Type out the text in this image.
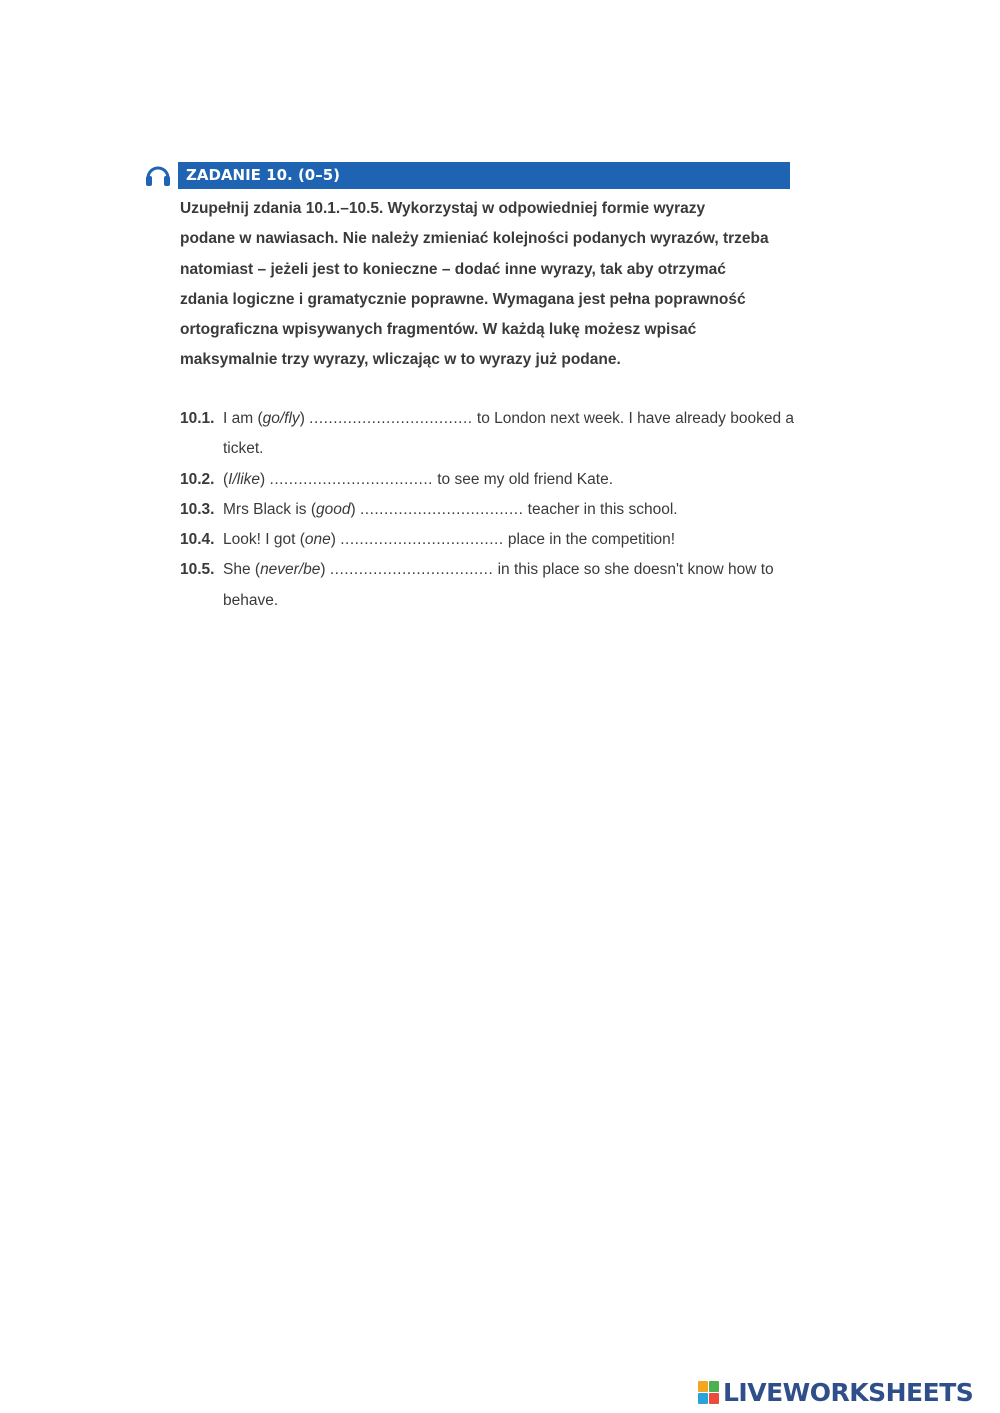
ZADANIE 10. (0–5)

Uzupełnij zdania 10.1.–10.5. Wykorzystaj w odpowiedniej formie wyrazy

podane w nawiasach. Nie należy zmieniać kolejności podanych wyrazów, trzeba

natomiast – jeżeli jest to konieczne – dodać inne wyrazy, tak aby otrzymać

zdania logiczne i gramatycznie poprawne. Wymagana jest pełna poprawność

ortograficzna wpisywanych fragmentów. W każdą lukę możesz wpisać

maksymalnie trzy wyrazy, wliczając w to wyrazy już podane.

10.1. I am (go/fly) .................................. to London next week. I have already booked a ticket.
10.2. (I/like) .................................. to see my old friend Kate.
10.3. Mrs Black is (good) .................................. teacher in this school.
10.4. Look! I got (one) .................................. place in the competition!
10.5. She (never/be) .................................. in this place so she doesn't know how to behave.
LIVEWORKSHEETS
